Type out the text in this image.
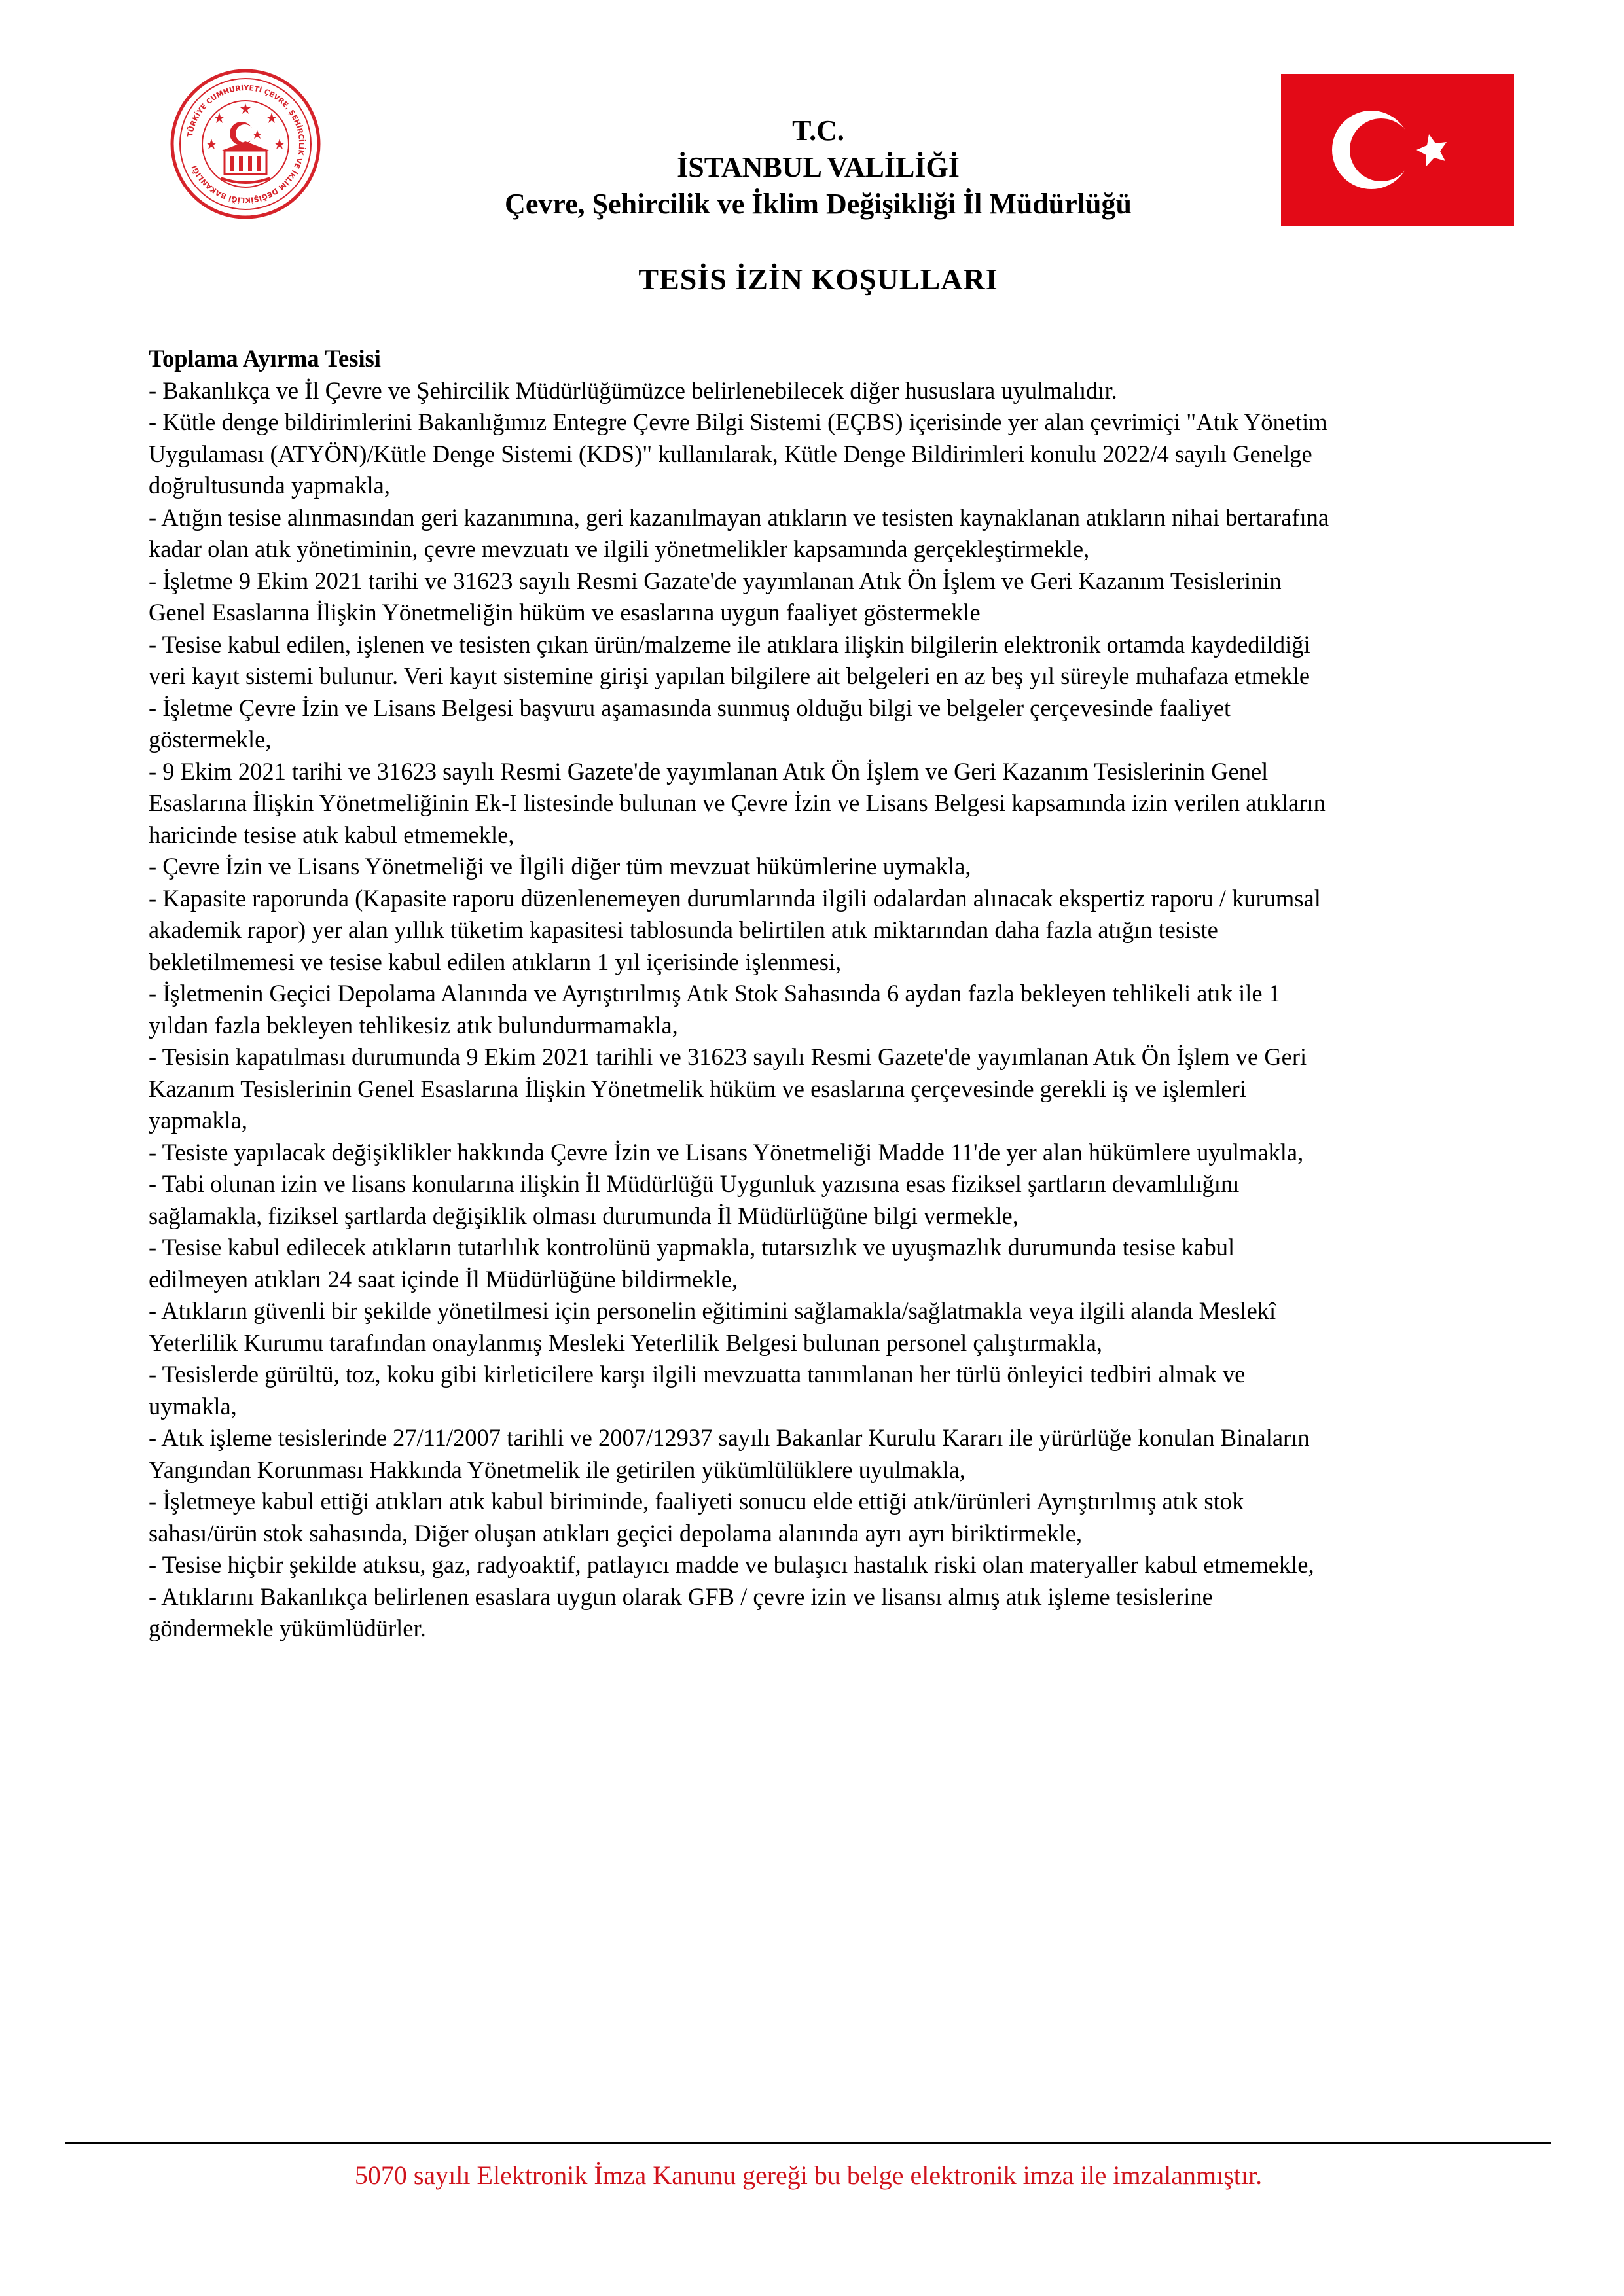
TÜRKİYE CUMHURİYETİ ÇEVRE, ŞEHİRCİLİK VE İKLİM DEĞİŞİKLİĞİ BAKANLIĞI
T.C.
İSTANBUL VALİLİĞİ
Çevre, Şehircilik ve İklim Değişikliği İl Müdürlüğü
TESİS İZİN KOŞULLARI

Toplama Ayırma Tesisi

- Bakanlıkça ve İl Çevre ve Şehircilik Müdürlüğümüzce belirlenebilecek diğer hususlara uyulmalıdır.

- Kütle denge bildirimlerini Bakanlığımız Entegre Çevre Bilgi Sistemi (EÇBS) içerisinde yer alan çevrimiçi "Atık Yönetim

Uygulaması (ATYÖN)/Kütle Denge Sistemi (KDS)" kullanılarak, Kütle Denge Bildirimleri konulu 2022/4 sayılı Genelge

doğrultusunda yapmakla,

- Atığın tesise alınmasından geri kazanımına, geri kazanılmayan atıkların ve tesisten kaynaklanan atıkların nihai bertarafına

kadar olan atık yönetiminin, çevre mevzuatı ve ilgili yönetmelikler kapsamında gerçekleştirmekle,

- İşletme 9 Ekim 2021 tarihi ve 31623 sayılı Resmi Gazate'de yayımlanan Atık Ön İşlem ve Geri Kazanım Tesislerinin

Genel Esaslarına İlişkin Yönetmeliğin hüküm ve esaslarına uygun faaliyet göstermekle

- Tesise kabul edilen, işlenen ve tesisten çıkan ürün/malzeme ile atıklara ilişkin bilgilerin elektronik ortamda kaydedildiği

veri kayıt sistemi bulunur. Veri kayıt sistemine girişi yapılan bilgilere ait belgeleri en az beş yıl süreyle muhafaza etmekle

- İşletme Çevre İzin ve Lisans Belgesi başvuru aşamasında sunmuş olduğu bilgi ve belgeler çerçevesinde faaliyet

göstermekle,

- 9 Ekim 2021 tarihi ve 31623 sayılı Resmi Gazete'de yayımlanan Atık Ön İşlem ve Geri Kazanım Tesislerinin Genel

Esaslarına İlişkin Yönetmeliğinin Ek-I listesinde bulunan ve Çevre İzin ve Lisans Belgesi kapsamında izin verilen atıkların

haricinde tesise atık kabul etmemekle,

- Çevre İzin ve Lisans Yönetmeliği ve İlgili diğer tüm mevzuat hükümlerine uymakla,

- Kapasite raporunda (Kapasite raporu düzenlenemeyen durumlarında ilgili odalardan alınacak ekspertiz raporu / kurumsal

akademik rapor) yer alan yıllık tüketim kapasitesi tablosunda belirtilen atık miktarından daha fazla atığın tesiste

bekletilmemesi ve tesise kabul edilen atıkların 1 yıl içerisinde işlenmesi,

- İşletmenin Geçici Depolama Alanında ve Ayrıştırılmış Atık Stok Sahasında 6 aydan fazla bekleyen tehlikeli atık ile 1

yıldan fazla bekleyen tehlikesiz atık bulundurmamakla,

- Tesisin kapatılması durumunda 9 Ekim 2021 tarihli ve 31623 sayılı Resmi Gazete'de yayımlanan Atık Ön İşlem ve Geri

Kazanım Tesislerinin Genel Esaslarına İlişkin Yönetmelik hüküm ve esaslarına çerçevesinde gerekli iş ve işlemleri

yapmakla,

- Tesiste yapılacak değişiklikler hakkında Çevre İzin ve Lisans Yönetmeliği Madde 11'de yer alan hükümlere uyulmakla,

- Tabi olunan izin ve lisans konularına ilişkin İl Müdürlüğü Uygunluk yazısına esas fiziksel şartların devamlılığını

sağlamakla, fiziksel şartlarda değişiklik olması durumunda İl Müdürlüğüne bilgi vermekle,

- Tesise kabul edilecek atıkların tutarlılık kontrolünü yapmakla, tutarsızlık ve uyuşmazlık durumunda tesise kabul

edilmeyen atıkları 24 saat içinde İl Müdürlüğüne bildirmekle,

- Atıkların güvenli bir şekilde yönetilmesi için personelin eğitimini sağlamakla/sağlatmakla veya ilgili alanda Meslekî

Yeterlilik Kurumu tarafından onaylanmış Mesleki Yeterlilik Belgesi bulunan personel çalıştırmakla,

- Tesislerde gürültü, toz, koku gibi kirleticilere karşı ilgili mevzuatta tanımlanan her türlü önleyici tedbiri almak ve

uymakla,

- Atık işleme tesislerinde 27/11/2007 tarihli ve 2007/12937 sayılı Bakanlar Kurulu Kararı ile yürürlüğe konulan Binaların

Yangından Korunması Hakkında Yönetmelik ile getirilen yükümlülüklere uyulmakla,

- İşletmeye kabul ettiği atıkları atık kabul biriminde, faaliyeti sonucu elde ettiği atık/ürünleri Ayrıştırılmış atık stok

sahası/ürün stok sahasında, Diğer oluşan atıkları geçici depolama alanında ayrı ayrı biriktirmekle,

- Tesise hiçbir şekilde atıksu, gaz, radyoaktif, patlayıcı madde ve bulaşıcı hastalık riski olan materyaller kabul etmemekle,

- Atıklarını Bakanlıkça belirlenen esaslara uygun olarak GFB / çevre izin ve lisansı almış atık işleme tesislerine

göndermekle yükümlüdürler.

5070 sayılı Elektronik İmza Kanunu gereği bu belge elektronik imza ile imzalanmıştır.
